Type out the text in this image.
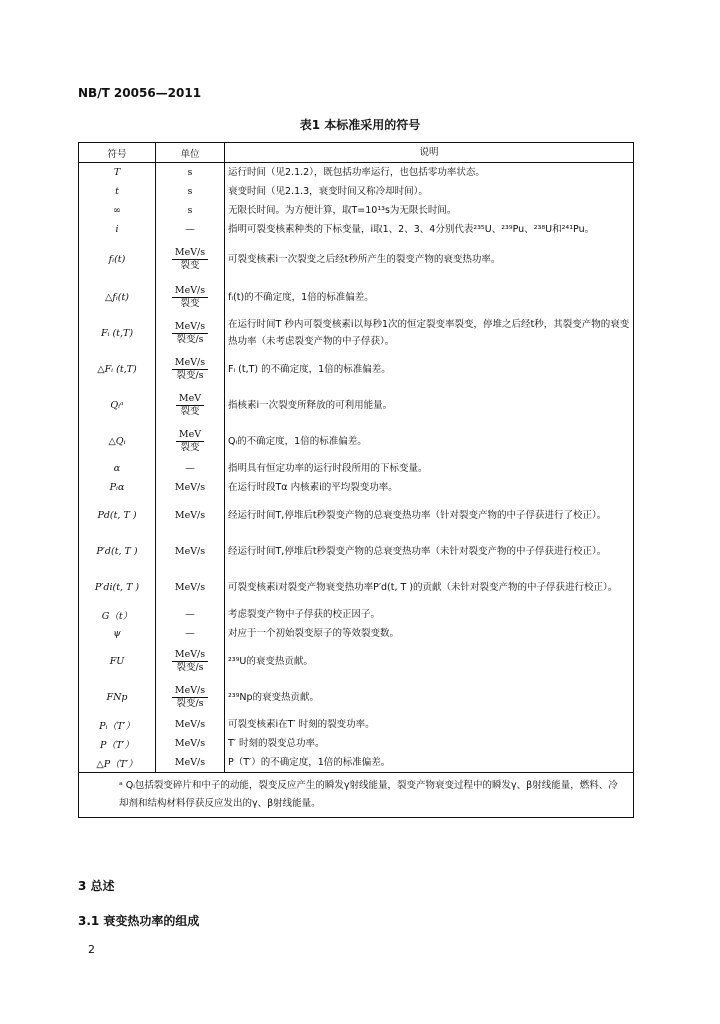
NB/T 20056—2011
表1 本标准采用的符号
符号	单位	说明
T	s	运行时间（见2.1.2），既包括功率运行，也包括零功率状态。
t	s	衰变时间（见2.1.3，衰变时间又称冷却时间）。
∞	s	无限长时间。为方便计算，取T=10¹³s为无限长时间。
i	—	指明可裂变核素种类的下标变量，i取1、2、3、4分别代表²³⁵U、²³⁹Pu、²³⁸U和²⁴¹Pu。
fᵢ(t)	$\frac{\text{MeV/s}}{\text{裂变}}$	可裂变核素i一次裂变之后经t秒所产生的裂变产物的衰变热功率。
△fᵢ(t)	$\frac{\text{MeV/s}}{\text{裂变}}$	fᵢ(t)的不确定度，1倍的标准偏差。
Fᵢ (t,T)	$\frac{\text{MeV/s}}{\text{裂变/s}}$	在运行时间T 秒内可裂变核素i以每秒1次的恒定裂变率裂变，停堆之后经t秒，其裂变产物的衰变热功率（未考虑裂变产物的中子俘获）。
△Fᵢ (t,T)	$\frac{\text{MeV/s}}{\text{裂变/s}}$	Fᵢ (t,T) 的不确定度，1倍的标准偏差。
Qᵢᵃ	$\frac{\text{MeV}}{\text{裂变}}$	指核素i一次裂变所释放的可利用能量。
△Qᵢ	$\frac{\text{MeV}}{\text{裂变}}$	Qᵢ的不确定度，1倍的标准偏差。
α	—	指明具有恒定功率的运行时段所用的下标变量。
Pᵢα	MeV/s	在运行时段Tα 内核素i的平均裂变功率。
Pd(t, T )	MeV/s	经运行时间T,停堆后t秒裂变产物的总衰变热功率（针对裂变产物的中子俘获进行了校正）。
P′d(t, T )	MeV/s	经运行时间T,停堆后t秒裂变产物的总衰变热功率（未针对裂变产物的中子俘获进行校正）。
P′di(t, T )	MeV/s	可裂变核素i对裂变产物衰变热功率P′d(t, T )的贡献（未针对裂变产物的中子俘获进行校正）。
G（t）	—	考虑裂变产物中子俘获的校正因子。
ψ	—	对应于一个初始裂变原子的等效裂变数。
FU	$\frac{\text{MeV/s}}{\text{裂变/s}}$	²³⁹U的衰变热贡献。
FNp	$\frac{\text{MeV/s}}{\text{裂变/s}}$	²³⁹Np的衰变热贡献。
Pᵢ（T′）	MeV/s	可裂变核素i在T′ 时刻的裂变功率。
P（T′）	MeV/s	T′ 时刻的裂变总功率。
△P（T′）	MeV/s	P（T′）的不确定度，1倍的标准偏差。
ᵃ Qᵢ包括裂变碎片和中子的动能，裂变反应产生的瞬发γ射线能量，裂变产物衰变过程中的瞬发γ、β射线能量，燃料、冷却剂和结构材料俘获反应发出的γ、β射线能量。		
3 总述
3.1 衰变热功率的组成
2
